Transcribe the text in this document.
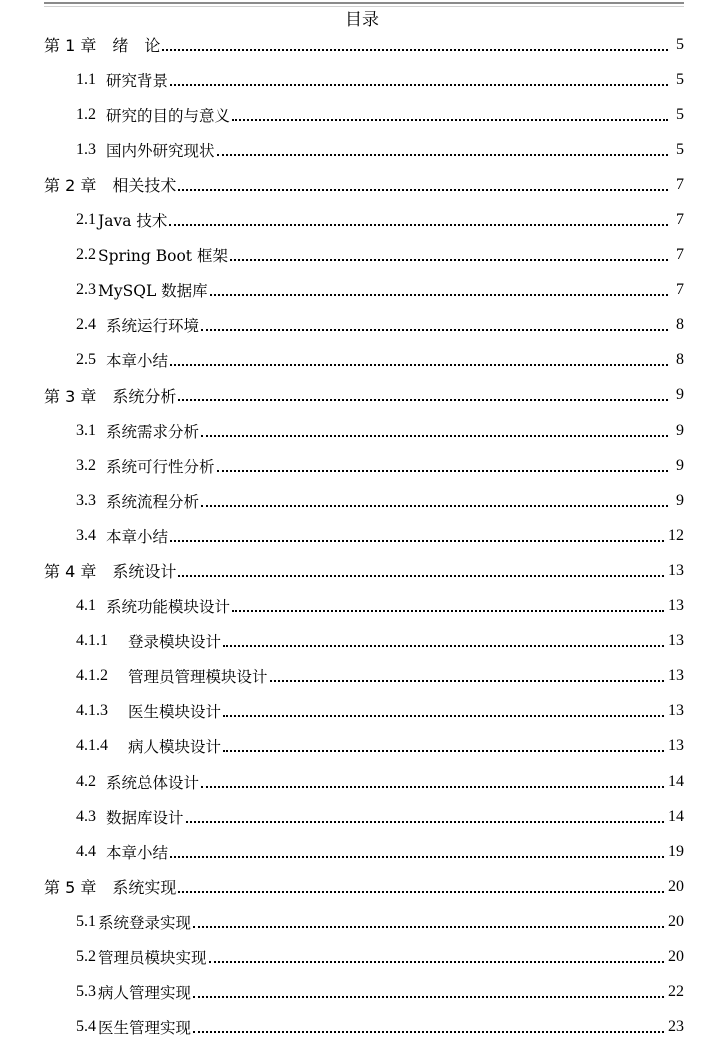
目录
第 1 章 绪　论	5
1.1 研究背景	5
1.2 研究的目的与意义	5
1.3 国内外研究现状	5
第 2 章 相关技术	7
2.1 Java 技术	7
2.2 Spring Boot 框架	7
2.3 MySQL 数据库	7
2.4 系统运行环境	8
2.5 本章小结	8
第 3 章 系统分析	9
3.1 系统需求分析	9
3.2 系统可行性分析	9
3.3 系统流程分析	9
3.4 本章小结	12
第 4 章 系统设计	13
4.1 系统功能模块设计	13
4.1.1 登录模块设计	13
4.1.2 管理员管理模块设计	13
4.1.3 医生模块设计	13
4.1.4 病人模块设计	13
4.2 系统总体设计	14
4.3 数据库设计	14
4.4 本章小结	19
第 5 章 系统实现	20
5.1 系统登录实现	20
5.2 管理员模块实现	20
5.3 病人管理实现	22
5.4 医生管理实现	23
